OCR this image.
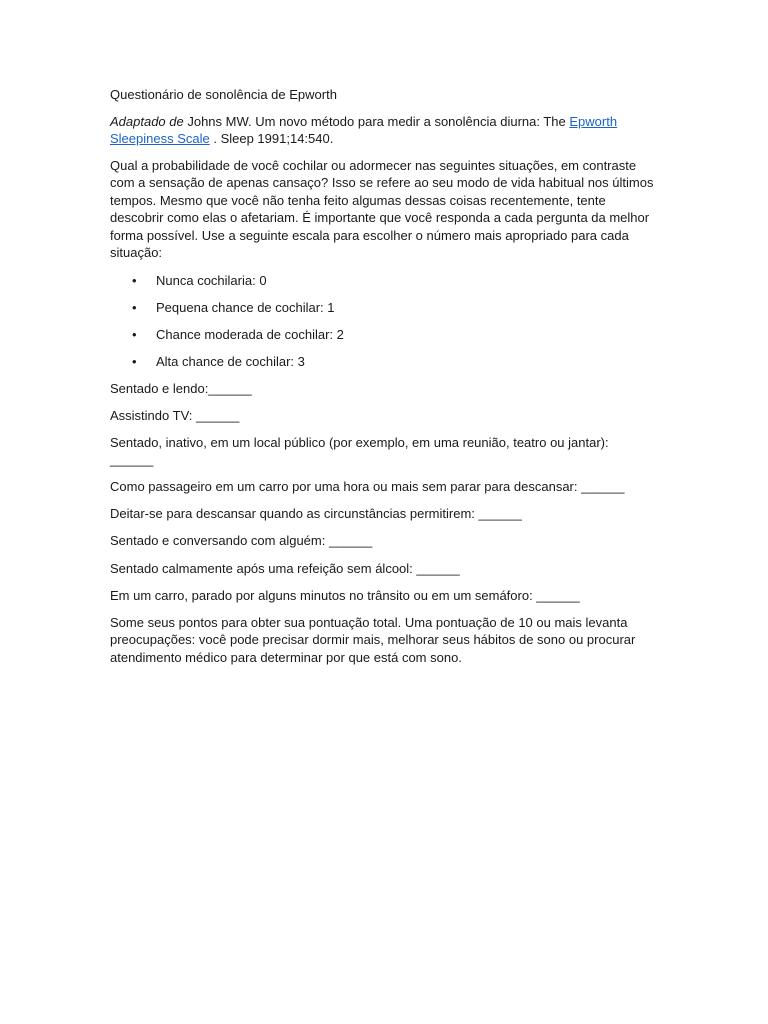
Questionário de sonolência de Epworth

Adaptado de Johns MW. Um novo método para medir a sonolência diurna: The Epworth Sleepiness Scale . Sleep 1991;14:540.

Qual a probabilidade de você cochilar ou adormecer nas seguintes situações, em contraste com a sensação de apenas cansaço? Isso se refere ao seu modo de vida habitual nos últimos tempos. Mesmo que você não tenha feito algumas dessas coisas recentemente, tente descobrir como elas o afetariam. É importante que você responda a cada pergunta da melhor forma possível. Use a seguinte escala para escolher o número mais apropriado para cada situação:

• Nunca cochilaria: 0
• Pequena chance de cochilar: 1
• Chance moderada de cochilar: 2
• Alta chance de cochilar: 3

Sentado e lendo:______

Assistindo TV: ______

Sentado, inativo, em um local público (por exemplo, em uma reunião, teatro ou jantar): ______

Como passageiro em um carro por uma hora ou mais sem parar para descansar: ______

Deitar-se para descansar quando as circunstâncias permitirem: ______

Sentado e conversando com alguém: ______

Sentado calmamente após uma refeição sem álcool: ______

Em um carro, parado por alguns minutos no trânsito ou em um semáforo: ______

Some seus pontos para obter sua pontuação total. Uma pontuação de 10 ou mais levanta preocupações: você pode precisar dormir mais, melhorar seus hábitos de sono ou procurar atendimento médico para determinar por que está com sono.
